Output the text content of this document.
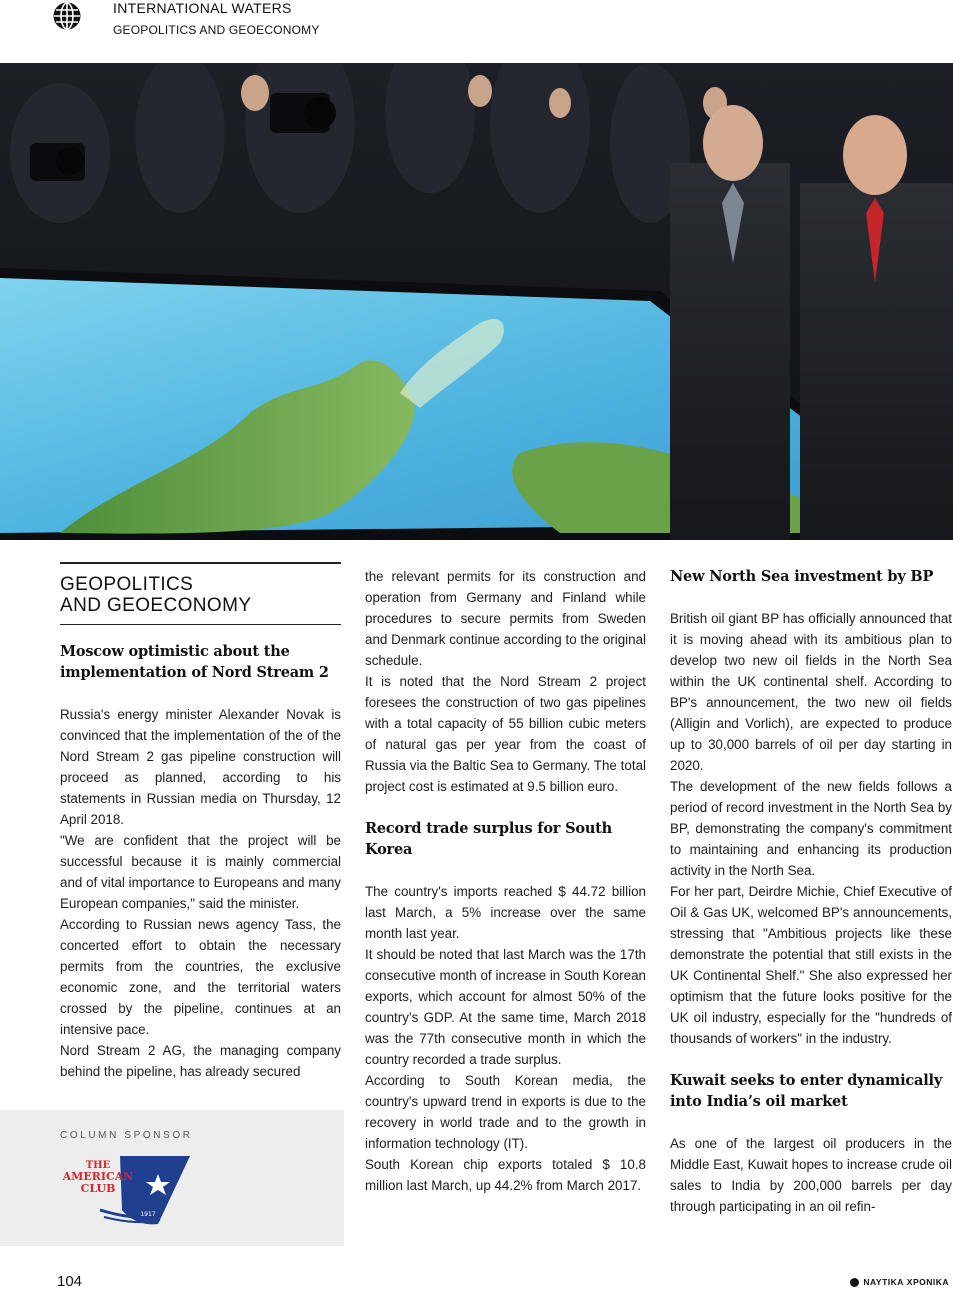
INTERNATIONAL WATERS
GEOPOLITICS AND GEOECONOMY
GEOPOLITICS
AND GEOECONOMY
Moscow optimistic about the implementation of Nord Stream 2

Russia's energy minister Alexander Novak is convinced that the implementation of the of the Nord Stream 2 gas pipeline construction will proceed as planned, according to his statements in Russian media on Thursday, 12 April 2018.

"We are confident that the project will be successful because it is mainly commercial and of vital importance to Europeans and many European companies," said the minister.

According to Russian news agency Tass, the concerted effort to obtain the necessary permits from the countries, the exclusive economic zone, and the territorial waters crossed by the pipeline, continues at an intensive pace.

Nord Stream 2 AG, the managing company behind the pipeline, has already secured

the relevant permits for its construction and operation from Germany and Finland while procedures to secure permits from Sweden and Denmark continue according to the original schedule.

It is noted that the Nord Stream 2 project foresees the construction of two gas pipelines with a total capacity of 55 billion cubic meters of natural gas per year from the coast of Russia via the Baltic Sea to Germany. The total project cost is estimated at 9.5 billion euro.

Record trade surplus for South Korea

The country's imports reached $ 44.72 billion last March, a 5% increase over the same month last year.

It should be noted that last March was the 17th consecutive month of increase in South Korean exports, which account for almost 50% of the country’s GDP. At the same time, March 2018 was the 77th consecutive month in which the country recorded a trade surplus.

According to South Korean media, the country's upward trend in exports is due to the recovery in world trade and to the growth in information technology (IT).

South Korean chip exports totaled $ 10.8 million last March, up 44.2% from March 2017.

New North Sea investment by BP

British oil giant BP has officially announced that it is moving ahead with its ambitious plan to develop two new oil fields in the North Sea within the UK continental shelf. According to BP's announcement, the two new oil fields (Alligin and Vorlich), are expected to produce up to 30,000 barrels of oil per day starting in 2020.

The development of the new fields follows a period of record investment in the North Sea by BP, demonstrating the company's commitment to maintaining and enhancing its production activity in the North Sea.

For her part, Deirdre Michie, Chief Executive of Oil & Gas UK, welcomed BP's announcements, stressing that "Ambitious projects like these demonstrate the potential that still exists in the UK Continental Shelf." She also expressed her optimism that the future looks positive for the UK oil industry, especially for the "hundreds of thousands of workers" in the industry.

Kuwait seeks to enter dynamically into India’s oil market

As one of the largest oil producers in the Middle East, Kuwait hopes to increase crude oil sales to India by 200,000 barrels per day through participating in an oil refin-

COLUMN SPONSOR
THE
AMERICAN
CLUB
1917
104	ΝΑΥΤΙΚΑ ΧΡΟΝΙΚΑ
